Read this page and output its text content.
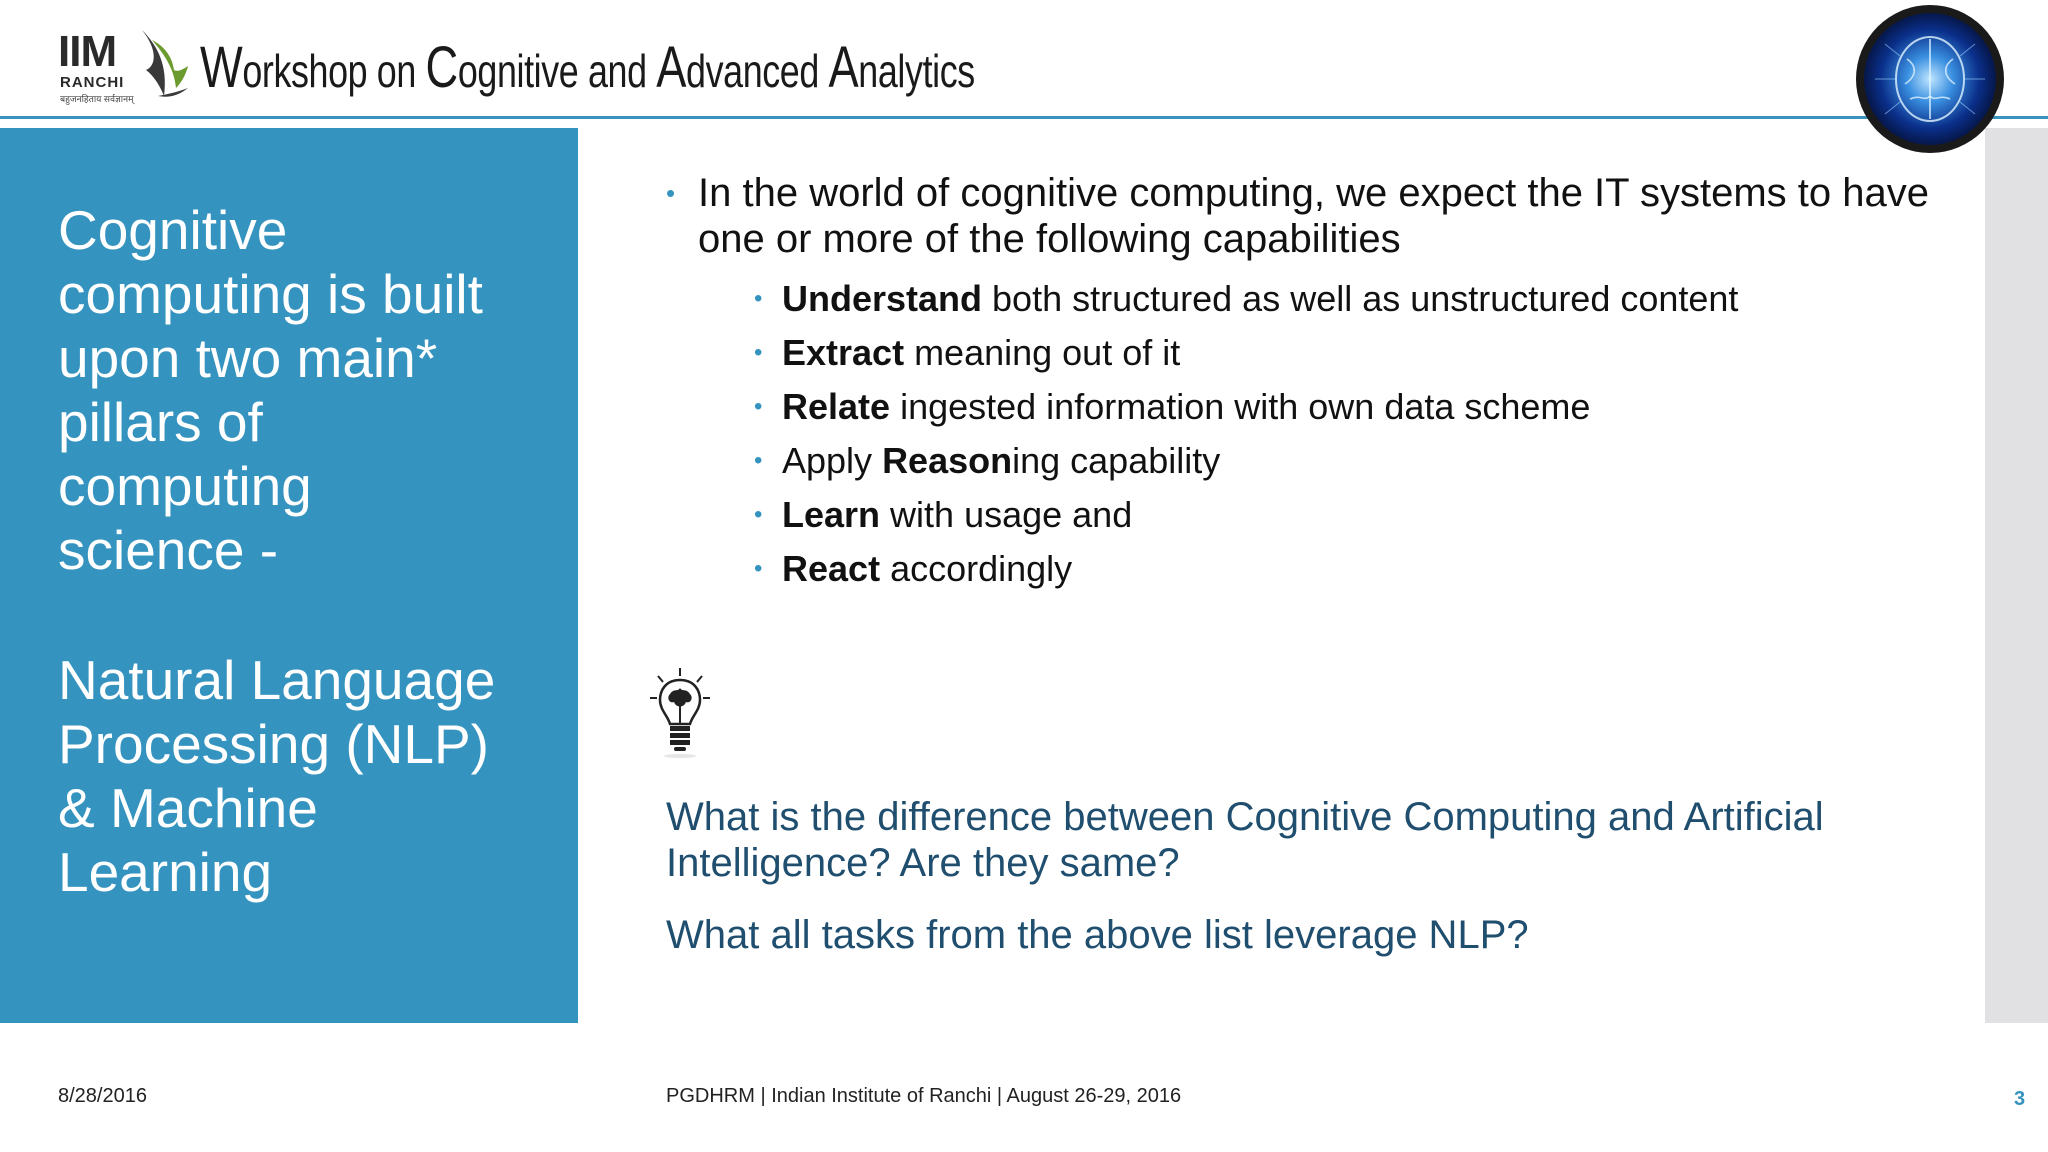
IIM
RANCHI
बहुजनहिताय सर्वज्ञानम् Workshop on Cognitive and Advanced Analytics

Cognitive

computing is built

upon two main*

pillars of

computing

science -

Natural Language

Processing (NLP)

& Machine

Learning

• In the world of cognitive computing, we expect the IT systems to have one or more of the following capabilities
• Understand both structured as well as unstructured content
• Extract meaning out of it
• Relate ingested information with own data scheme
• Apply Reasoning capability
• Learn with usage and
• React accordingly

What is the difference between Cognitive Computing and Artificial Intelligence? Are they same?

What all tasks from the above list leverage NLP?

8/28/2016	PGDHRM | Indian Institute of Ranchi | August 26-29, 2016	3
